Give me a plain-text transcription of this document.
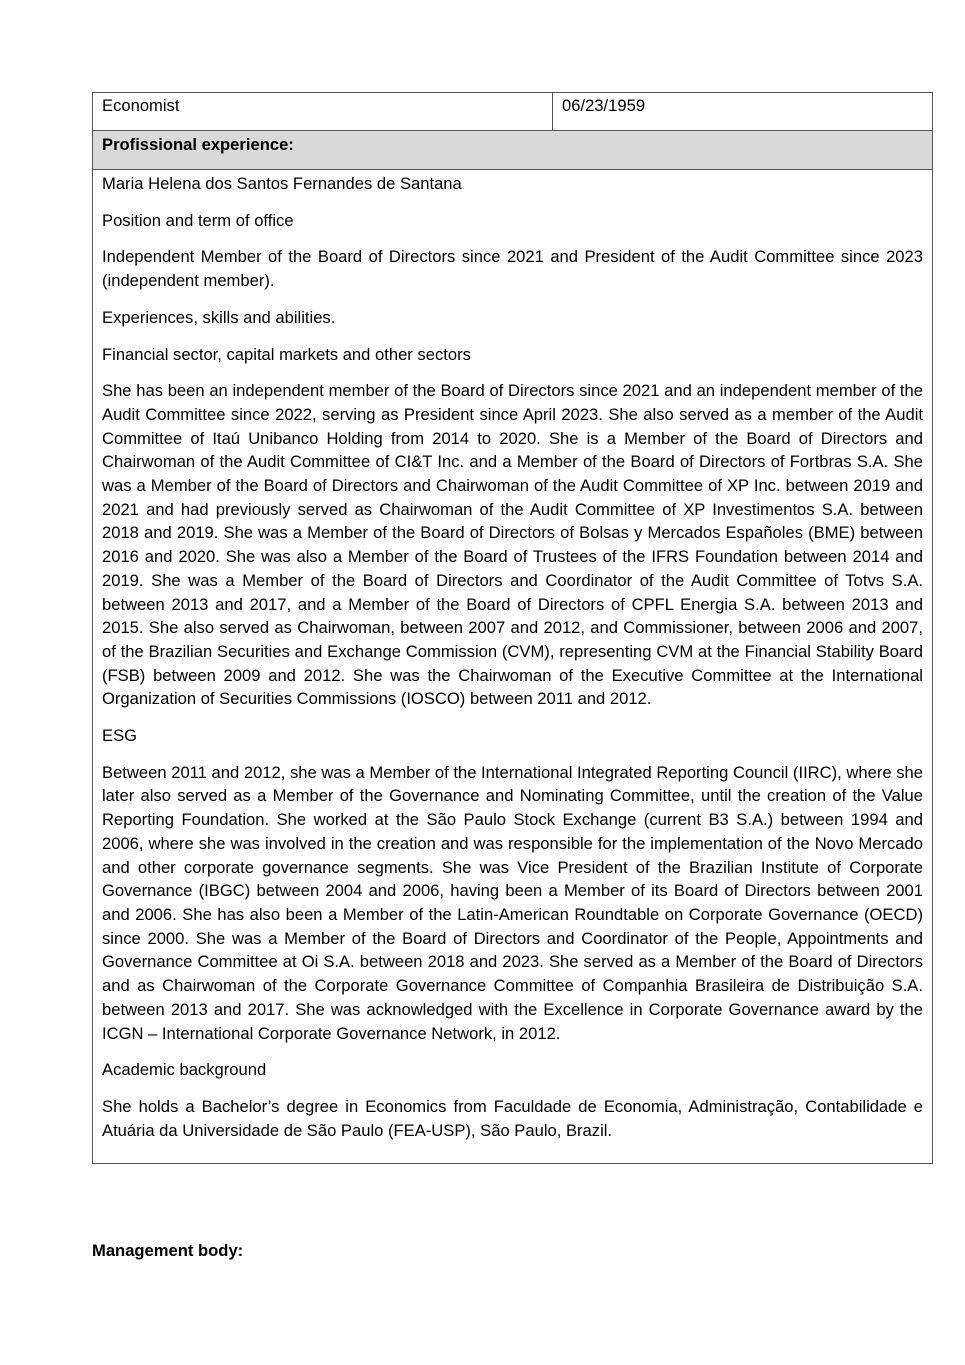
Economist	06/23/1959
Profissional experience:

Maria Helena dos Santos Fernandes de Santana

Position and term of office

Independent Member of the Board of Directors since 2021 and President of the Audit Committee since 2023 (independent member).

Experiences, skills and abilities.

Financial sector, capital markets and other sectors

She has been an independent member of the Board of Directors since 2021 and an independent member of the Audit Committee since 2022, serving as President since April 2023. She also served as a member of the Audit Committee of Itaú Unibanco Holding from 2014 to 2020. She is a Member of the Board of Directors and Chairwoman of the Audit Committee of CI&T Inc. and a Member of the Board of Directors of Fortbras S.A. She was a Member of the Board of Directors and Chairwoman of the Audit Committee of XP Inc. between 2019 and 2021 and had previously served as Chairwoman of the Audit Committee of XP Investimentos S.A. between 2018 and 2019. She was a Member of the Board of Directors of Bolsas y Mercados Españoles (BME) between 2016 and 2020. She was also a Member of the Board of Trustees of the IFRS Foundation between 2014 and 2019. She was a Member of the Board of Directors and Coordinator of the Audit Committee of Totvs S.A. between 2013 and 2017, and a Member of the Board of Directors of CPFL Energia S.A. between 2013 and 2015. She also served as Chairwoman, between 2007 and 2012, and Commissioner, between 2006 and 2007, of the Brazilian Securities and Exchange Commission (CVM), representing CVM at the Financial Stability Board (FSB) between 2009 and 2012. She was the Chairwoman of the Executive Committee at the International Organization of Securities Commissions (IOSCO) between 2011 and 2012.

ESG

Between 2011 and 2012, she was a Member of the International Integrated Reporting Council (IIRC), where she later also served as a Member of the Governance and Nominating Committee, until the creation of the Value Reporting Foundation. She worked at the São Paulo Stock Exchange (current B3 S.A.) between 1994 and 2006, where she was involved in the creation and was responsible for the implementation of the Novo Mercado and other corporate governance segments. She was Vice President of the Brazilian Institute of Corporate Governance (IBGC) between 2004 and 2006, having been a Member of its Board of Directors between 2001 and 2006. She has also been a Member of the Latin-American Roundtable on Corporate Governance (OECD) since 2000. She was a Member of the Board of Directors and Coordinator of the People, Appointments and Governance Committee at Oi S.A. between 2018 and 2023. She served as a Member of the Board of Directors and as Chairwoman of the Corporate Governance Committee of Companhia Brasileira de Distribuição S.A. between 2013 and 2017. She was acknowledged with the Excellence in Corporate Governance award by the ICGN – International Corporate Governance Network, in 2012.

Academic background

She holds a Bachelor’s degree in Economics from Faculdade de Economia, Administração, Contabilidade e Atuária da Universidade de São Paulo (FEA-USP), São Paulo, Brazil.

Management body:
